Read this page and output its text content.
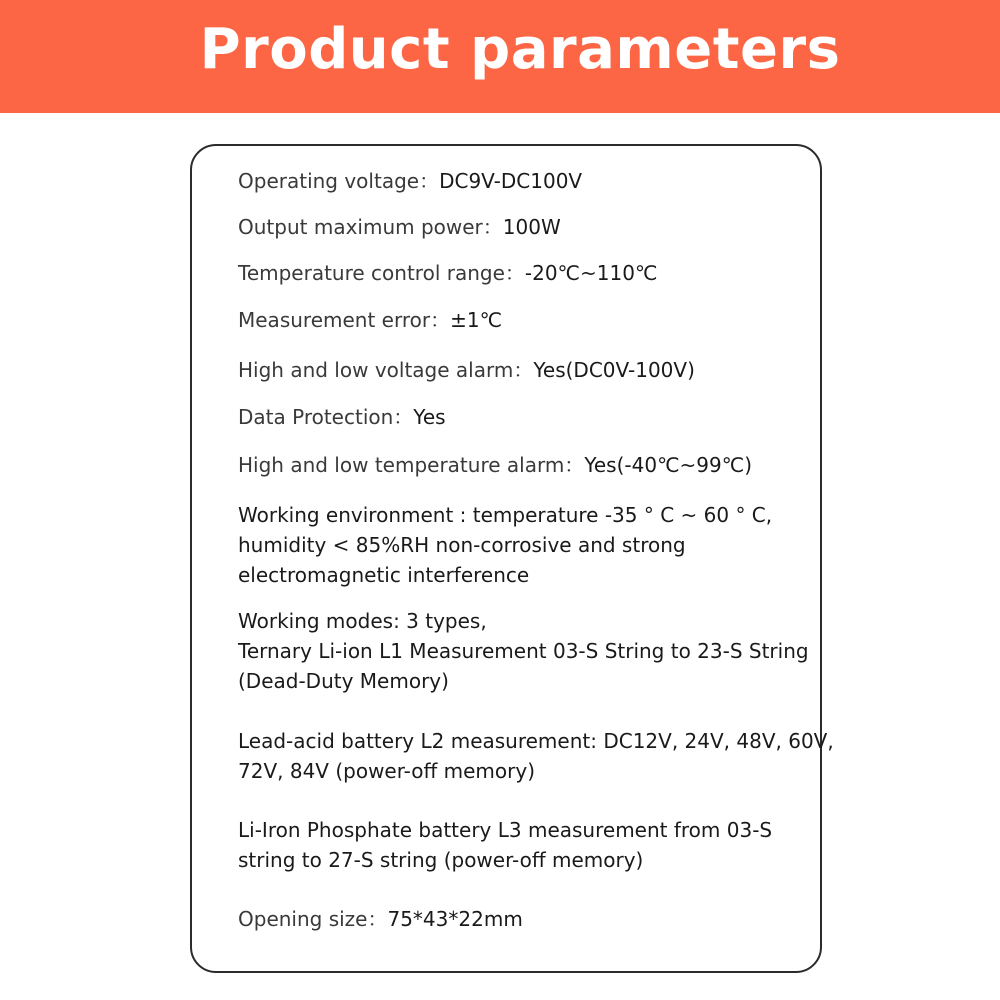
Product parameters
Operating voltage：DC9V-DC100V
Output maximum power：100W
Temperature control range：-20℃~110℃
Measurement error：±1℃
High and low voltage alarm：Yes(DC0V-100V)
Data Protection：Yes
High and low temperature alarm：Yes(-40℃~99℃)
Working environment : temperature -35 ° C ~ 60 ° C,
humidity < 85%RH non-corrosive and strong
electromagnetic interference
Working modes: 3 types,
Ternary Li-ion L1 Measurement 03-S String to 23-S String
(Dead-Duty Memory)
Lead-acid battery L2 measurement: DC12V, 24V, 48V, 60V,
72V, 84V (power-off memory)
Li-Iron Phosphate battery L3 measurement from 03-S
string to 27-S string (power-off memory)
Opening size：75*43*22mm
